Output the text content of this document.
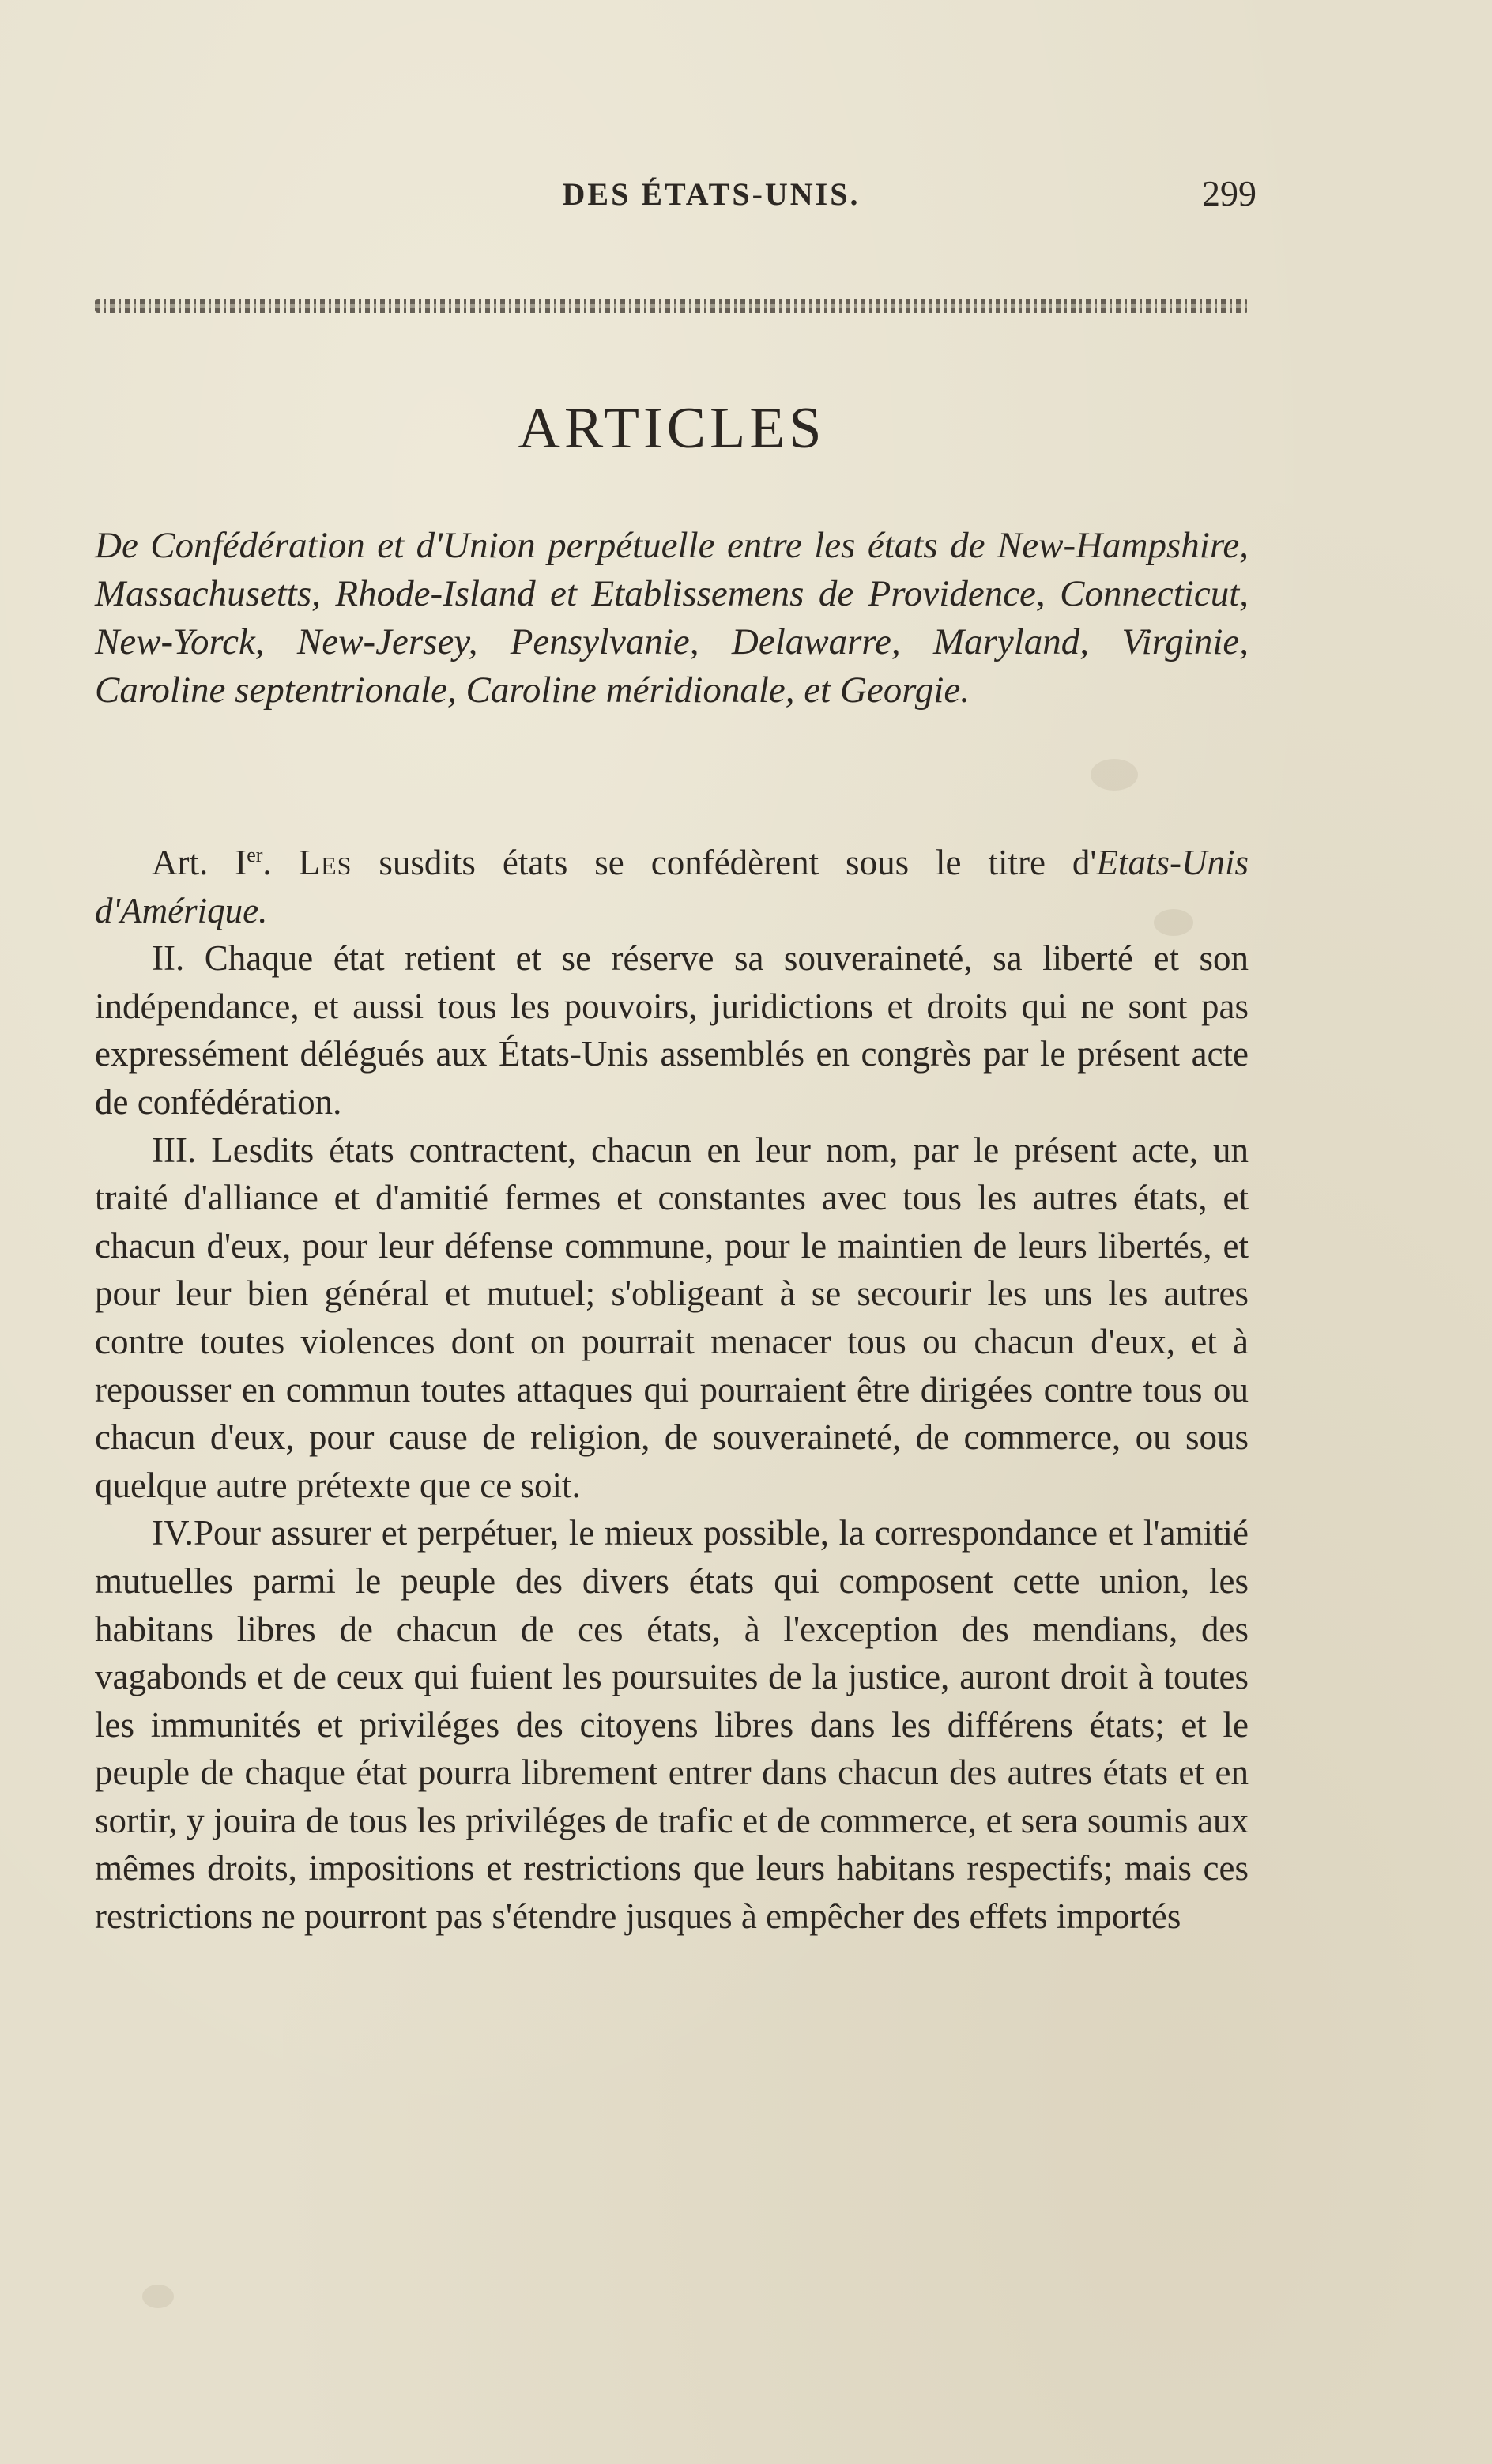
DES ÉTATS-UNIS.	299
ARTICLES
De Confédération et d'Union perpétuelle entre les états de New-Hampshire, Massachusetts, Rhode-Island et Etablissemens de Providence, Connecticut, New-Yorck, New-Jersey, Pensylvanie, Delawarre, Maryland, Virginie, Caroline septentrionale, Caroline méridionale, et Georgie.

Art. Ier. Les susdits états se confédèrent sous le titre d'Etats-Unis d'Amérique.

II. Chaque état retient et se réserve sa souveraineté, sa liberté et son indépendance, et aussi tous les pouvoirs, juridictions et droits qui ne sont pas expressément délégués aux États-Unis assemblés en congrès par le présent acte de confédération.

III. Lesdits états contractent, chacun en leur nom, par le présent acte, un traité d'alliance et d'amitié fermes et constantes avec tous les autres états, et chacun d'eux, pour leur défense commune, pour le maintien de leurs libertés, et pour leur bien général et mutuel; s'obligeant à se secourir les uns les autres contre toutes violences dont on pourrait menacer tous ou chacun d'eux, et à repousser en commun toutes attaques qui pourraient être dirigées contre tous ou chacun d'eux, pour cause de religion, de souveraineté, de commerce, ou sous quelque autre prétexte que ce soit.

IV.Pour assurer et perpétuer, le mieux possible, la correspondance et l'amitié mutuelles parmi le peuple des divers états qui composent cette union, les habitans libres de chacun de ces états, à l'exception des mendians, des vagabonds et de ceux qui fuient les poursuites de la justice, auront droit à toutes les immunités et priviléges des citoyens libres dans les différens états; et le peuple de chaque état pourra librement entrer dans chacun des autres états et en sortir, y jouira de tous les priviléges de trafic et de commerce, et sera soumis aux mêmes droits, impositions et restrictions que leurs habitans respectifs; mais ces restrictions ne pourront pas s'étendre jusques à empêcher des effets importés
